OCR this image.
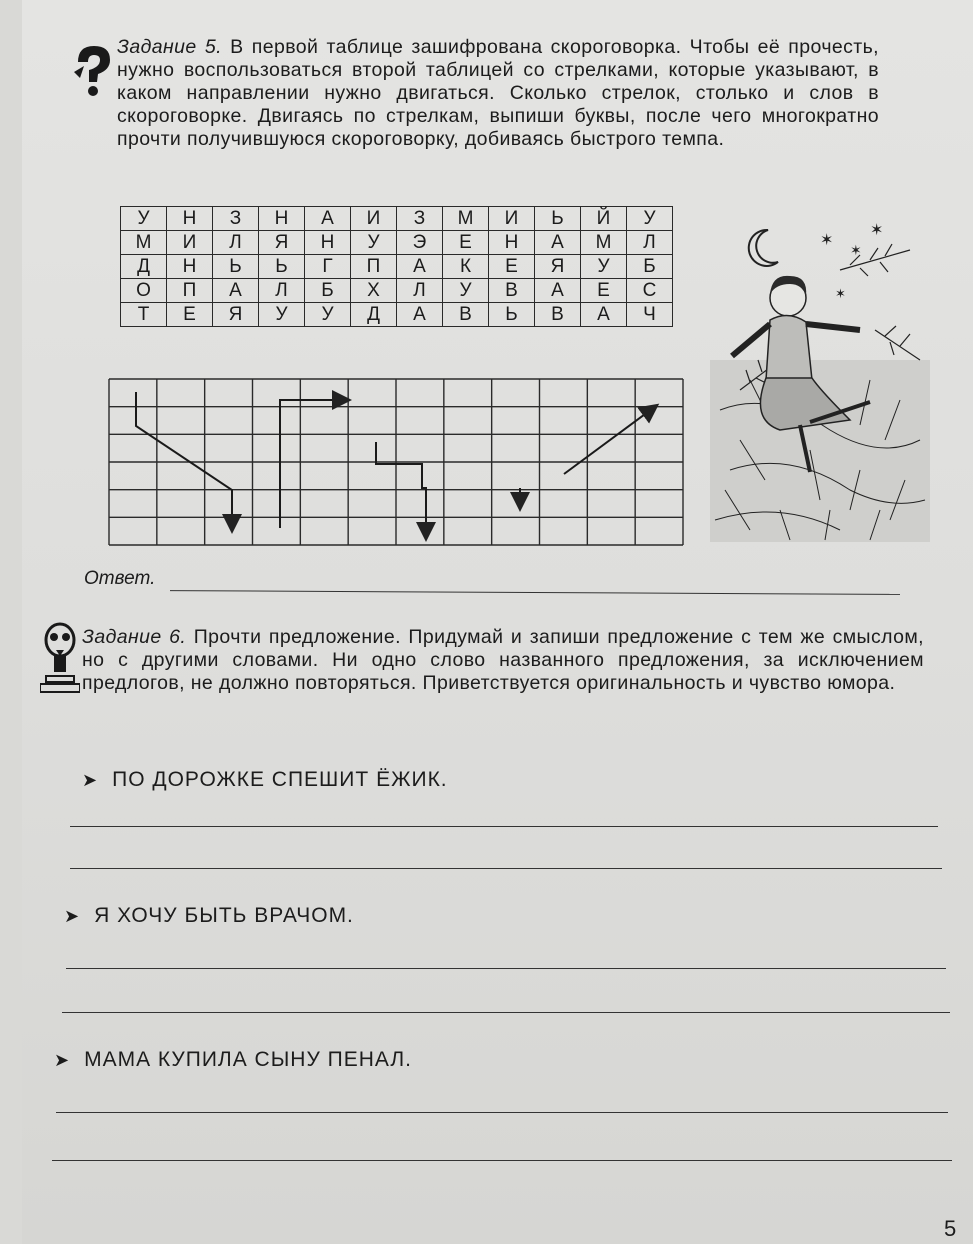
Задание 5. В первой таблице зашифрована скороговорка. Чтобы её прочесть, нужно воспользоваться второй таблицей со стрелками, которые указывают, в каком направлении нужно двигаться. Сколько стрелок, столько и слов в скороговорке. Двигаясь по стрелкам, выпиши буквы, после чего многократно прочти получившуюся скороговорку, добиваясь быстрого темпа.
У	Н	З	Н	А	И	З	М	И	Ь	Й	У
М	И	Л	Я	Н	У	Э	Е	Н	А	М	Л
Д	Н	Ь	Ь	Г	П	А	К	Е	Я	У	Б
О	П	А	Л	Б	Х	Л	У	В	А	Е	С
Т	Е	Я	У	У	Д	А	В	Ь	В	А	Ч
✶
✶
✶
✶
Ответ.
Задание 6. Прочти предложение. Придумай и запиши предложение с тем же смыслом, но с другими словами. Ни одно слово названного предложения, за исключением предлогов, не должно повторяться. Приветствуется оригинальность и чувство юмора.
➤ ПО ДОРОЖКЕ СПЕШИТ ЁЖИК.
➤ Я ХОЧУ БЫТЬ ВРАЧОМ.
➤ МАМА КУПИЛА СЫНУ ПЕНАЛ.
5
